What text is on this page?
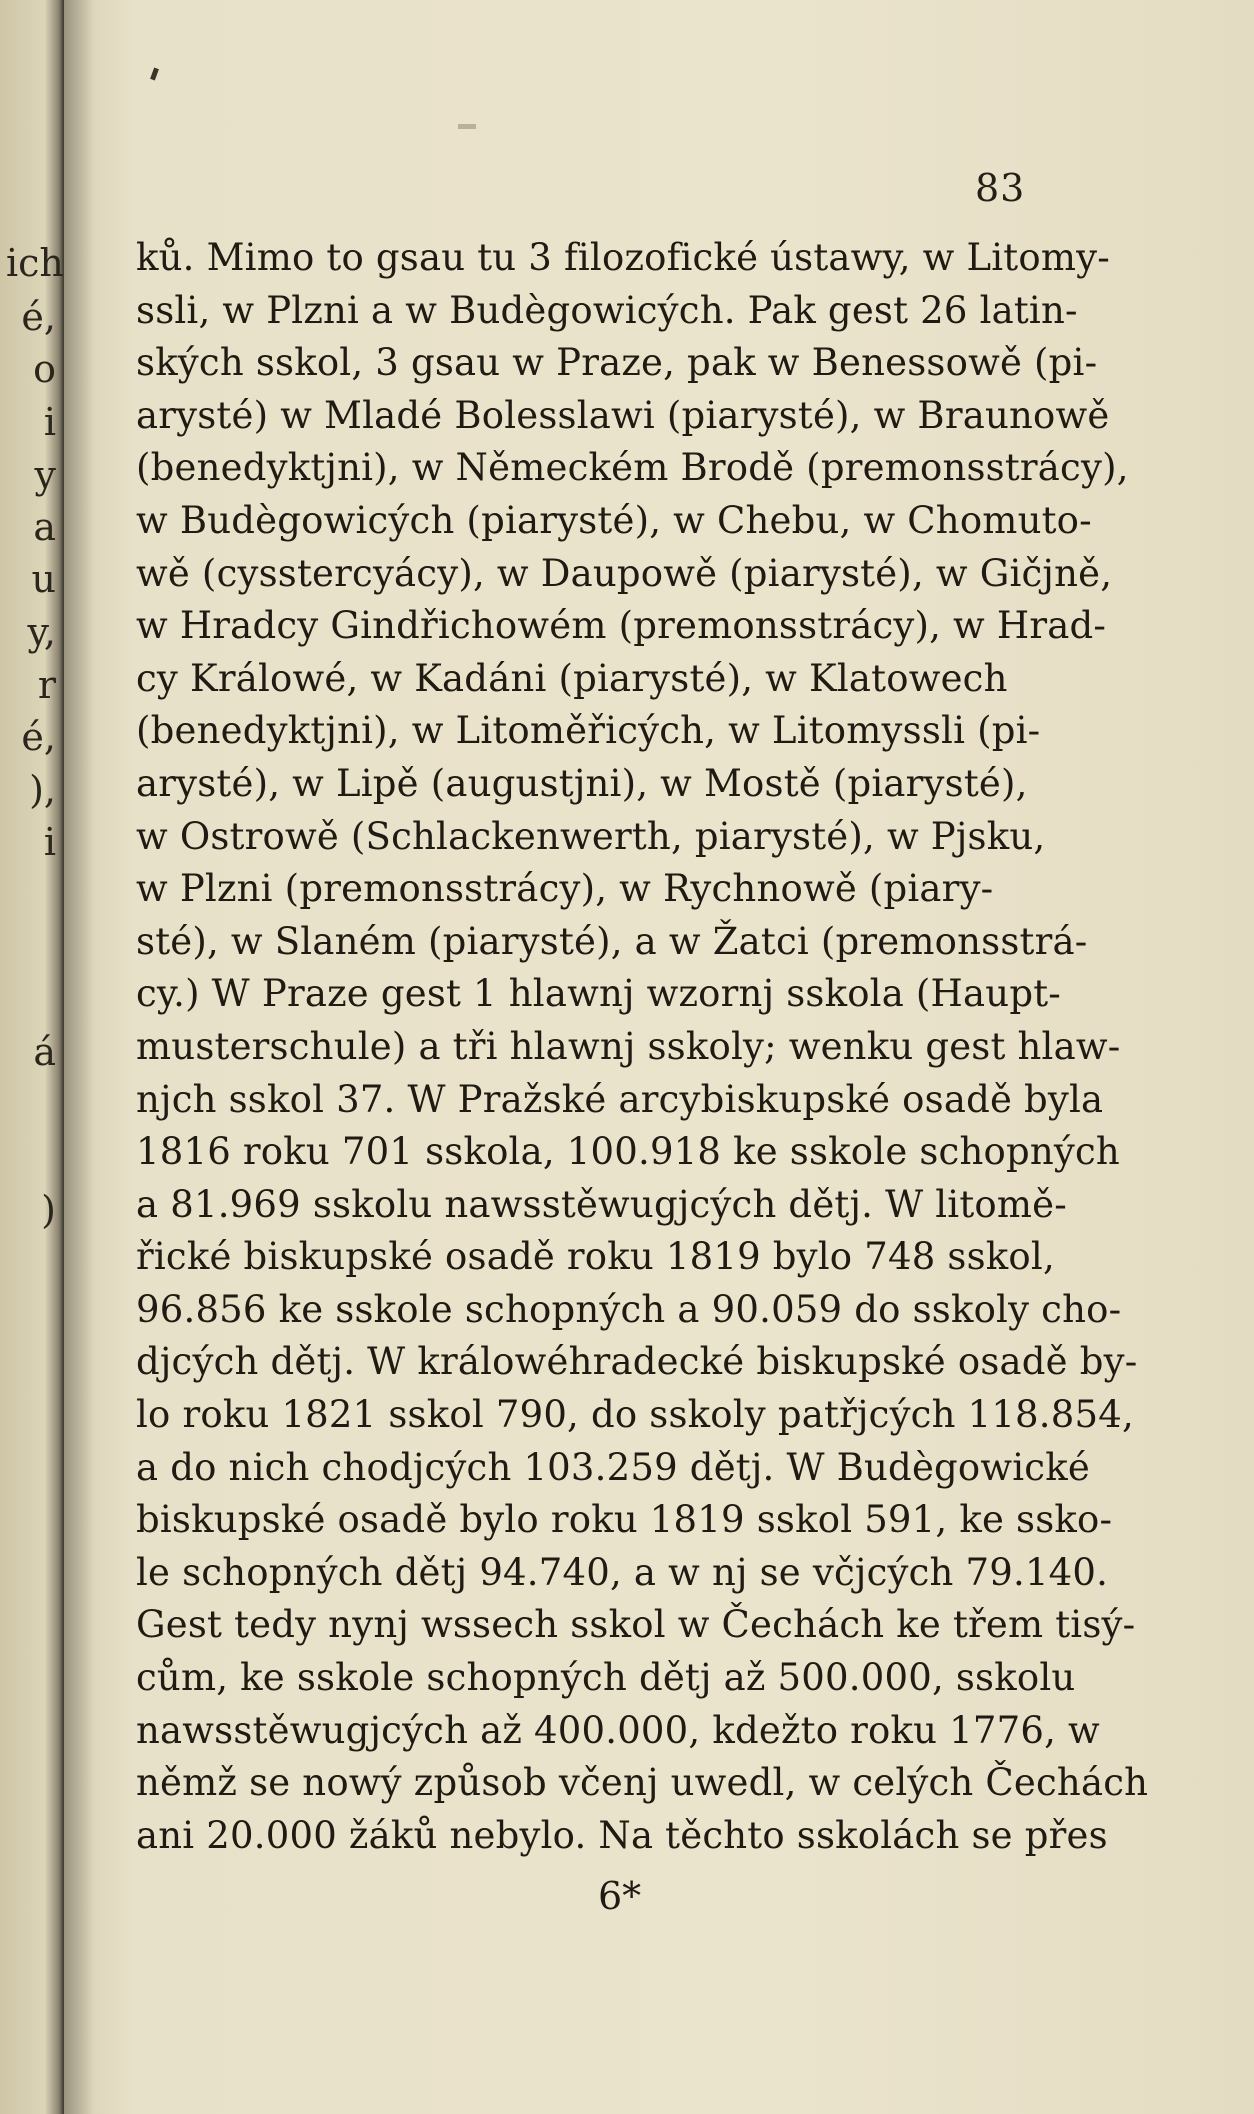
ich
é,
o
i
y
a
u
y,
r
é,
),
i
á
)
83
ků. Mimo to gsau tu 3 filozofické ústawy, w Litomy-
ssli, w Plzni a w Budègowicých. Pak gest 26 latin-
ských sskol, 3 gsau w Praze, pak w Benessowě (pi-
arysté) w Mladé Bolesslawi (piarysté), w Braunowě
(benedyktjni), w Německém Brodě (premonsstrácy),
w Budègowicých (piarysté), w Chebu, w Chomuto-
wě (cysstercyácy), w Daupowě (piarysté), w Gičjně,
w Hradcy Gindřichowém (premonsstrácy), w Hrad-
cy Králowé, w Kadáni (piarysté), w Klatowech
(benedyktjni), w Litoměřicých, w Litomyssli (pi-
arysté), w Lipě (augustjni), w Mostě (piarysté),
w Ostrowě (Schlackenwerth, piarysté), w Pjsku,
w Plzni (premonsstrácy), w Rychnowě (piary-
sté), w Slaném (piarysté), a w Žatci (premonsstrá-
cy.) W Praze gest 1 hlawnj wzornj sskola (Haupt-
musterschule) a tři hlawnj sskoly; wenku gest hlaw-
njch sskol 37. W Pražské arcybiskupské osadě byla
1816 roku 701 sskola, 100.918 ke sskole schopných
a 81.969 sskolu nawsstěwugjcých dětj. W litomě-
řické biskupské osadě roku 1819 bylo 748 sskol,
96.856 ke sskole schopných a 90.059 do sskoly cho-
djcých dětj. W králowéhradecké biskupské osadě by-
lo roku 1821 sskol 790, do sskoly patřjcých 118.854,
a do nich chodjcých 103.259 dětj. W Budègowické
biskupské osadě bylo roku 1819 sskol 591, ke ssko-
le schopných dětj 94.740, a w nj se včjcých 79.140.
Gest tedy nynj wssech sskol w Čechách ke třem tisý-
cům, ke sskole schopných dětj až 500.000, sskolu
nawsstěwugjcých až 400.000, kdežto roku 1776, w
němž se nowý způsob včenj uwedl, w celých Čechách
ani 20.000 žáků nebylo. Na těchto sskolách se přes
6*
